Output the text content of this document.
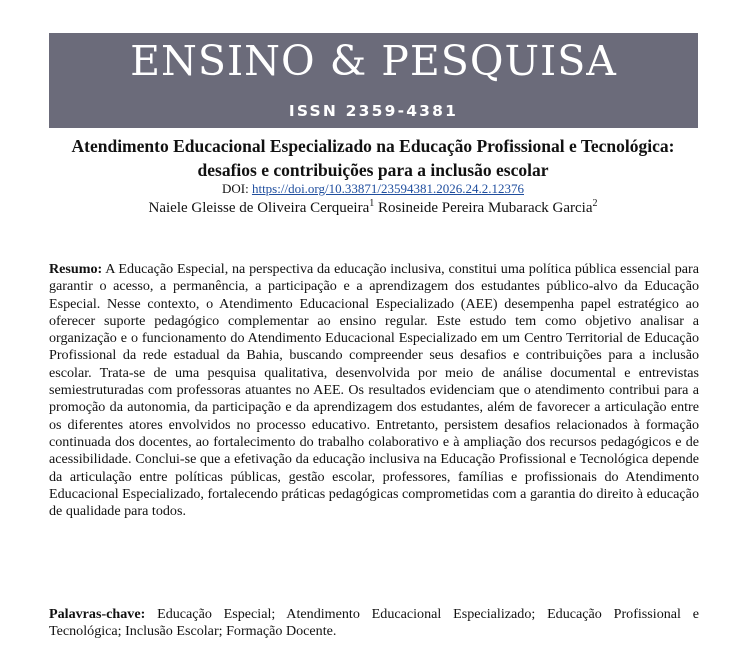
ENSINO & PESQUISA
ISSN 2359-4381
Atendimento Educacional Especializado na Educação Profissional e Tecnológica: desafios e contribuições para a inclusão escolar
DOI: https://doi.org/10.33871/23594381.2026.24.2.12376
Naiele Gleisse de Oliveira Cerqueira$^1$ Rosineide Pereira Mubarack Garcia$^2$

Resumo: A Educação Especial, na perspectiva da educação inclusiva, constitui uma política pública essencial para garantir o acesso, a permanência, a participação e a aprendizagem dos estudantes público-alvo da Educação Especial. Nesse contexto, o Atendimento Educacional Especializado (AEE) desempenha papel estratégico ao oferecer suporte pedagógico complementar ao ensino regular. Este estudo tem como objetivo analisar a organização e o funcionamento do Atendimento Educacional Especializado em um Centro Territorial de Educação Profissional da rede estadual da Bahia, buscando compreender seus desafios e contribuições para a inclusão escolar. Trata-se de uma pesquisa qualitativa, desenvolvida por meio de análise documental e entrevistas semiestruturadas com professoras atuantes no AEE. Os resultados evidenciam que o atendimento contribui para a promoção da autonomia, da participação e da aprendizagem dos estudantes, além de favorecer a articulação entre os diferentes atores envolvidos no processo educativo. Entretanto, persistem desafios relacionados à formação continuada dos docentes, ao fortalecimento do trabalho colaborativo e à ampliação dos recursos pedagógicos e de acessibilidade. Conclui-se que a efetivação da educação inclusiva na Educação Profissional e Tecnológica depende da articulação entre políticas públicas, gestão escolar, professores, famílias e profissionais do Atendimento Educacional Especializado, fortalecendo práticas pedagógicas comprometidas com a garantia do direito à educação de qualidade para todos.

Palavras-chave: Educação Especial; Atendimento Educacional Especializado; Educação Profissional e Tecnológica; Inclusão Escolar; Formação Docente.
